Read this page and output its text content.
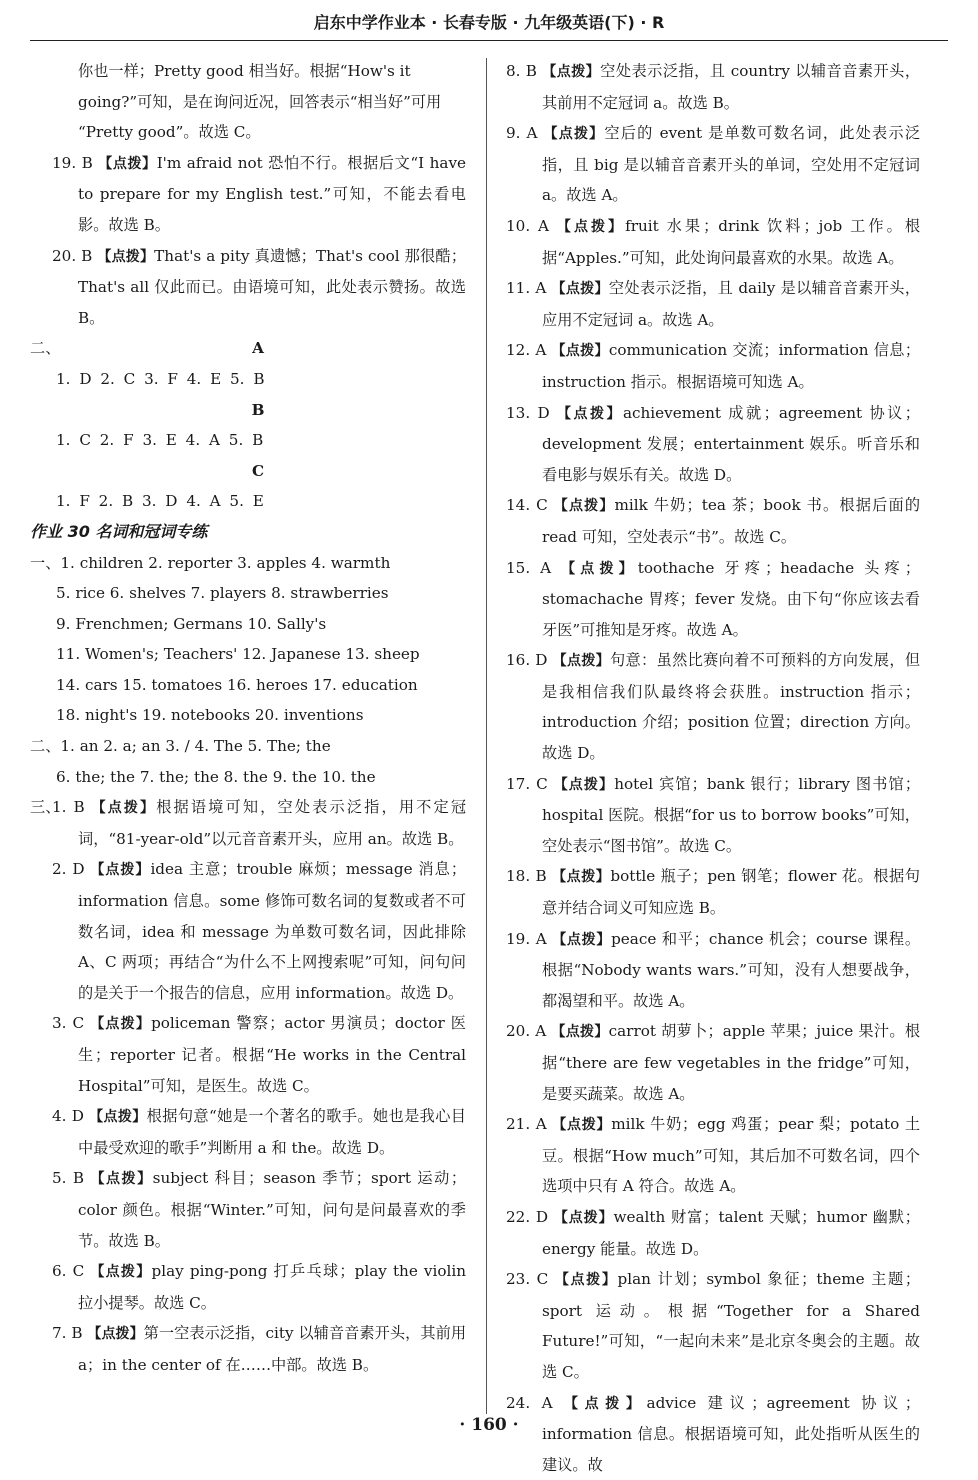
启东中学作业本 · 长春专版 · 九年级英语(下) · R

你也一样；Pretty good 相当好。根据“How's it

going?”可知，是在询问近况，回答表示“相当好”可用

“Pretty good”。故选 C。

19. B 【点拨】I'm afraid not 恐怕不行。根据后文“I have to prepare for my English test.”可知，不能去看电影。故选 B。

20. B 【点拨】That's a pity 真遗憾；That's cool 那很酷；That's all 仅此而已。由语境可知，此处表示赞扬。故选 B。

二、	A

1. D 2. C 3. F 4. E 5. B

B

1. C 2. F 3. E 4. A 5. B

C

1. F 2. B 3. D 4. A 5. E

作业 30 名词和冠词专练

一、1. children 2. reporter 3. apples 4. warmth

5. rice 6. shelves 7. players 8. strawberries

9. Frenchmen; Germans 10. Sally's

11. Women's; Teachers' 12. Japanese 13. sheep

14. cars 15. tomatoes 16. heroes 17. education

18. night's 19. notebooks 20. inventions

二、1. an 2. a; an 3. / 4. The 5. The; the

6. the; the 7. the; the 8. the 9. the 10. the

三、

1. B 【点拨】根据语境可知，空处表示泛指，用不定冠词，“81-year-old”以元音音素开头，应用 an。故选 B。

2. D 【点拨】idea 主意；trouble 麻烦；message 消息；information 信息。some 修饰可数名词的复数或者不可数名词，idea 和 message 为单数可数名词，因此排除 A、C 两项；再结合“为什么不上网搜索呢”可知，问句问的是关于一个报告的信息，应用 information。故选 D。

3. C 【点拨】policeman 警察；actor 男演员；doctor 医生；reporter 记者。根据“He works in the Central Hospital”可知，是医生。故选 C。

4. D 【点拨】根据句意“她是一个著名的歌手。她也是我心目中最受欢迎的歌手”判断用 a 和 the。故选 D。

5. B 【点拨】subject 科目；season 季节；sport 运动；color 颜色。根据“Winter.”可知，问句是问最喜欢的季节。故选 B。

6. C 【点拨】play ping-pong 打乒乓球；play the violin 拉小提琴。故选 C。

7. B 【点拨】第一空表示泛指，city 以辅音音素开头，其前用 a；in the center of 在……中部。故选 B。

8. B 【点拨】空处表示泛指，且 country 以辅音音素开头，其前用不定冠词 a。故选 B。

9. A 【点拨】空后的 event 是单数可数名词，此处表示泛指，且 big 是以辅音音素开头的单词，空处用不定冠词 a。故选 A。

10. A 【点拨】fruit 水果；drink 饮料；job 工作。根据“Apples.”可知，此处询问最喜欢的水果。故选 A。

11. A 【点拨】空处表示泛指，且 daily 是以辅音音素开头，应用不定冠词 a。故选 A。

12. A 【点拨】communication 交流；information 信息；instruction 指示。根据语境可知选 A。

13. D 【点拨】achievement 成就；agreement 协议；development 发展；entertainment 娱乐。听音乐和看电影与娱乐有关。故选 D。

14. C 【点拨】milk 牛奶；tea 茶；book 书。根据后面的 read 可知，空处表示“书”。故选 C。

15. A 【点拨】toothache 牙疼；headache 头疼；stomachache 胃疼；fever 发烧。由下句“你应该去看牙医”可推知是牙疼。故选 A。

16. D 【点拨】句意：虽然比赛向着不可预料的方向发展，但是我相信我们队最终将会获胜。instruction 指示；introduction 介绍；position 位置；direction 方向。故选 D。

17. C 【点拨】hotel 宾馆；bank 银行；library 图书馆；hospital 医院。根据“for us to borrow books”可知，空处表示“图书馆”。故选 C。

18. B 【点拨】bottle 瓶子；pen 钢笔；flower 花。根据句意并结合词义可知应选 B。

19. A 【点拨】peace 和平；chance 机会；course 课程。根据“Nobody wants wars.”可知，没有人想要战争，都渴望和平。故选 A。

20. A 【点拨】carrot 胡萝卜；apple 苹果；juice 果汁。根据“there are few vegetables in the fridge”可知，是要买蔬菜。故选 A。

21. A 【点拨】milk 牛奶；egg 鸡蛋；pear 梨；potato 土豆。根据“How much”可知，其后加不可数名词，四个选项中只有 A 符合。故选 A。

22. D 【点拨】wealth 财富；talent 天赋；humor 幽默；energy 能量。故选 D。

23. C 【点拨】plan 计划；symbol 象征；theme 主题；sport 运动。根据“Together for a Shared Future!”可知，“一起向未来”是北京冬奥会的主题。故选 C。

24. A 【点拨】advice 建议；agreement 协议；information 信息。根据语境可知，此处指听从医生的建议。故

· 160 ·
